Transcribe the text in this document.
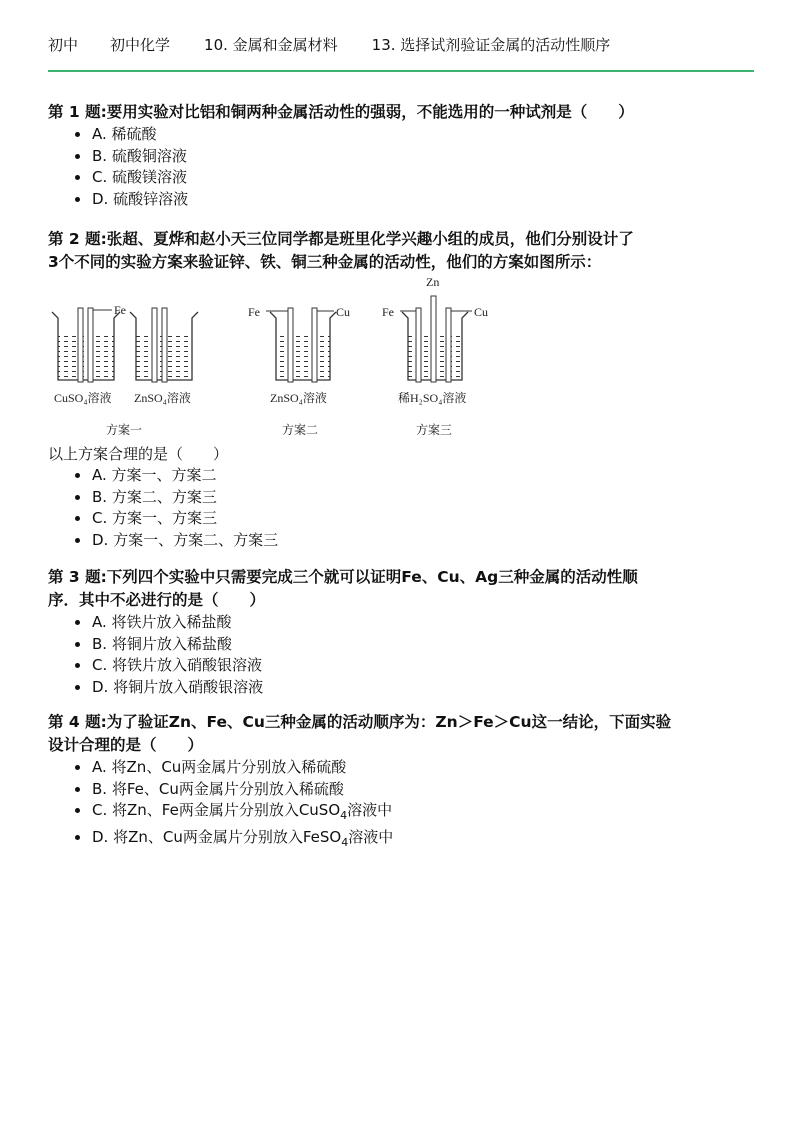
初中 初中化学 10. 金属和金属材料 13. 选择试剂验证金属的活动性顺序

第 1 题:要用实验对比铝和铜两种金属活动性的强弱，不能选用的一种试剂是（　　）

A. 稀硫酸
B. 硫酸铜溶液
C. 硫酸镁溶液
D. 硫酸锌溶液

第 2 题:张超、夏烨和赵小天三位同学都是班里化学兴趣小组的成员，他们分别设计了

3个不同的实验方案来验证锌、铁、铜三种金属的活动性，他们的方案如图所示：

Fe
CuSO₄溶液 ZnSO₄溶液
方案一
Fe	Cu
ZnSO₄溶液
方案二
Fe	Cu
Zn
稀H₂SO₄溶液
方案三

以上方案合理的是（　　）

A. 方案一、方案二
B. 方案二、方案三
C. 方案一、方案三
D. 方案一、方案二、方案三

第 3 题:下列四个实验中只需要完成三个就可以证明Fe、Cu、Ag三种金属的活动性顺

序．其中不必进行的是（　　）

A. 将铁片放入稀盐酸
B. 将铜片放入稀盐酸
C. 将铁片放入硝酸银溶液
D. 将铜片放入硝酸银溶液

第 4 题:为了验证Zn、Fe、Cu三种金属的活动顺序为：Zn＞Fe＞Cu这一结论，下面实验

设计合理的是（　　）

A. 将Zn、Cu两金属片分别放入稀硫酸
B. 将Fe、Cu两金属片分别放入稀硫酸
C. 将Zn、Fe两金属片分别放入CuSO$_4$溶液中
D. 将Zn、Cu两金属片分别放入FeSO$_4$溶液中
